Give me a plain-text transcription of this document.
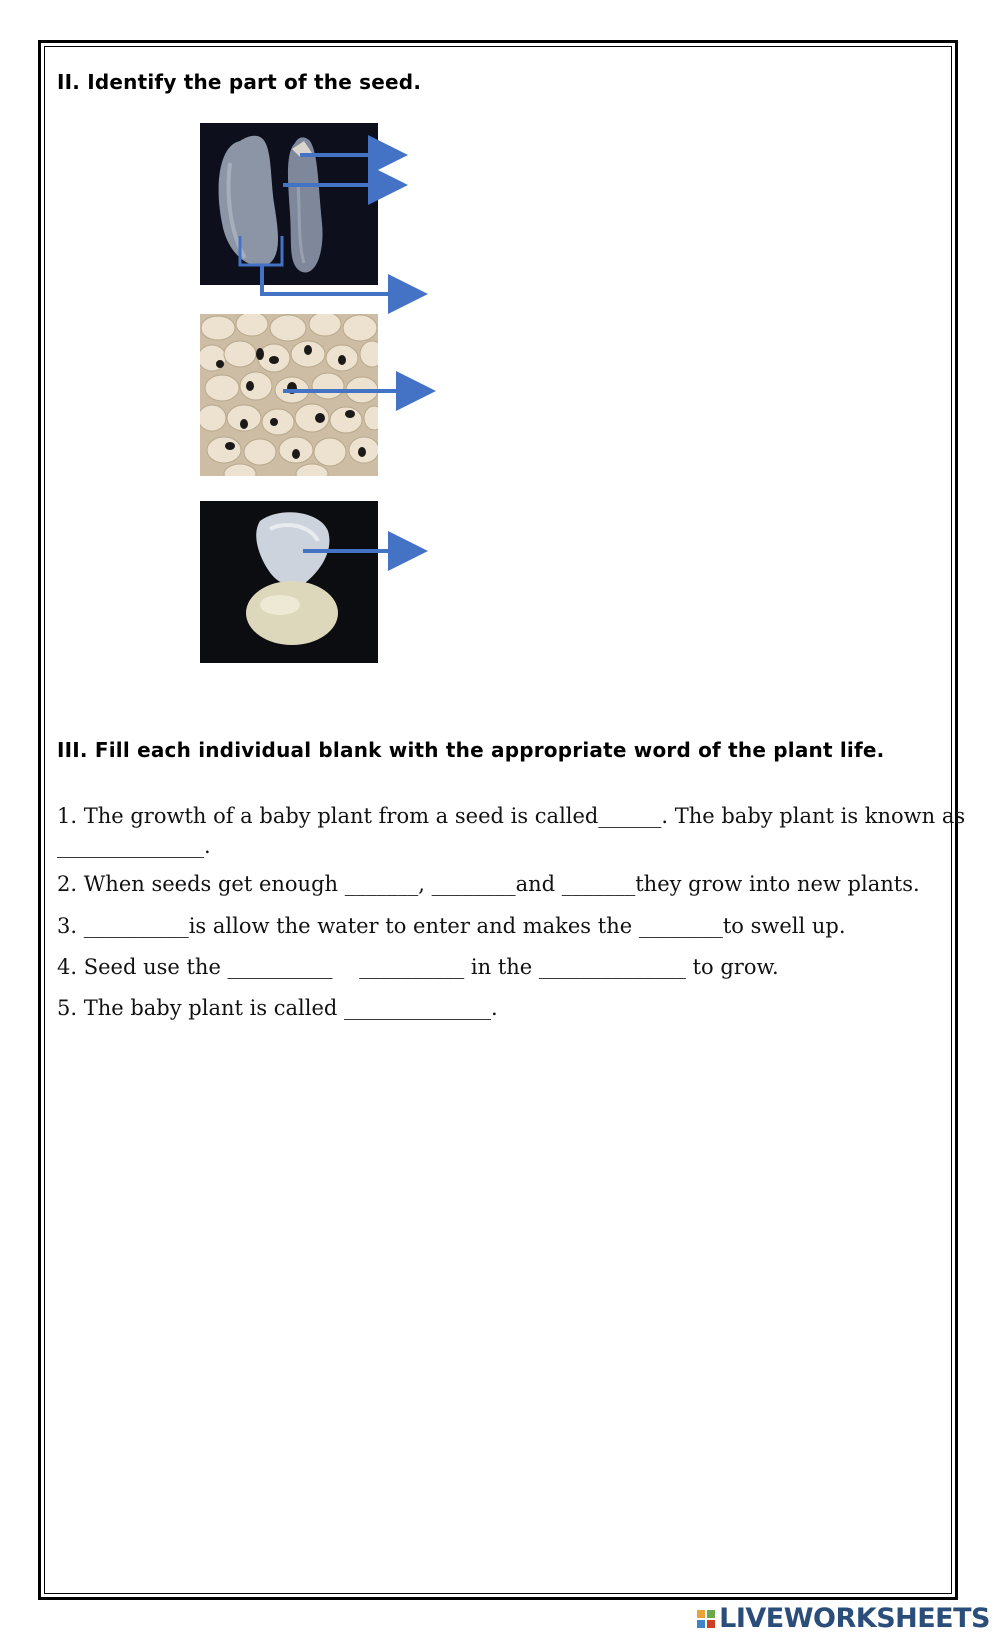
II. Identify the part of the seed.
III. Fill each individual blank with the appropriate word of the plant life.
1. The growth of a baby plant from a seed is called______. The baby plant is known as
______________.
2. When seeds get enough _______, ________and _______they grow into new plants.
3. __________is allow the water to enter and makes the ________to swell up.
4. Seed use the __________    __________ in the ______________ to grow.
5. The baby plant is called ______________.
LIVEWORKSHEETS
